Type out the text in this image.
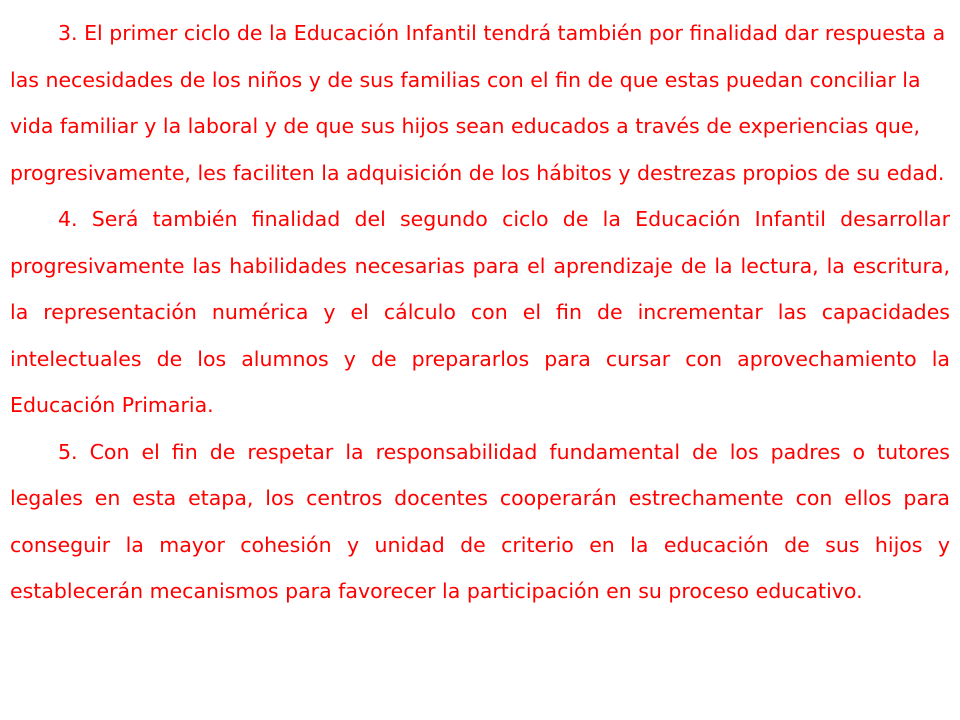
3. El primer ciclo de la Educación Infantil tendrá también por finalidad dar respuesta a las necesidades de los niños y de sus familias con el fin de que estas puedan conciliar la vida familiar y la laboral y de que sus hijos sean educados a través de experiencias que, progresivamente, les faciliten la adquisición de los hábitos y destrezas propios de su edad.

4. Será también finalidad del segundo ciclo de la Educación Infantil desarrollar progresivamente las habilidades necesarias para el aprendizaje de la lectura, la escritura, la representación numérica y el cálculo con el fin de incrementar las capacidades intelectuales de los alumnos y de prepararlos para cursar con aprovechamiento la Educación Primaria.

5. Con el fin de respetar la responsabilidad fundamental de los padres o tutores legales en esta etapa, los centros docentes cooperarán estrechamente con ellos para conseguir la mayor cohesión y unidad de criterio en la educación de sus hijos y establecerán mecanismos para favorecer la participación en su proceso educativo.
